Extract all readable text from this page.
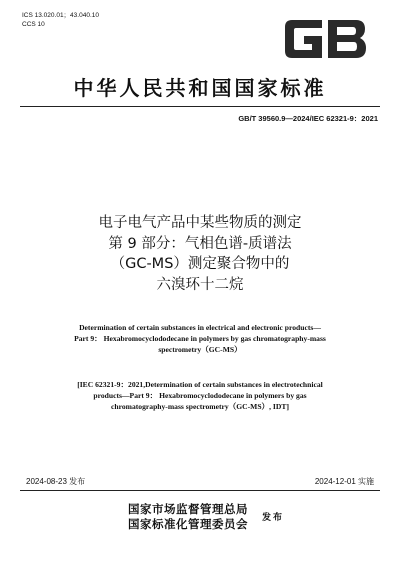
ICS 13.020.01；43.040.10
CCS 10
中华人民共和国国家标准
GB/T 39560.9—2024/IEC 62321-9：2021
电子电气产品中某些物质的测定
第 9 部分：气相色谱-质谱法
（GC-MS）测定聚合物中的
六溴环十二烷
Determination of certain substances in electrical and electronic products—
Part 9： Hexabromocyclododecane in polymers by gas chromatography-mass
spectrometry（GC-MS）
[IEC 62321-9：2021,Determination of certain substances in electrotechnical
products—Part 9： Hexabromocyclododecane in polymers by gas
chromatography-mass spectrometry（GC-MS）, IDT]
2024-08-23 发布	2024-12-01 实施
国家市场监督管理总局
国家标准化管理委员会 发布
